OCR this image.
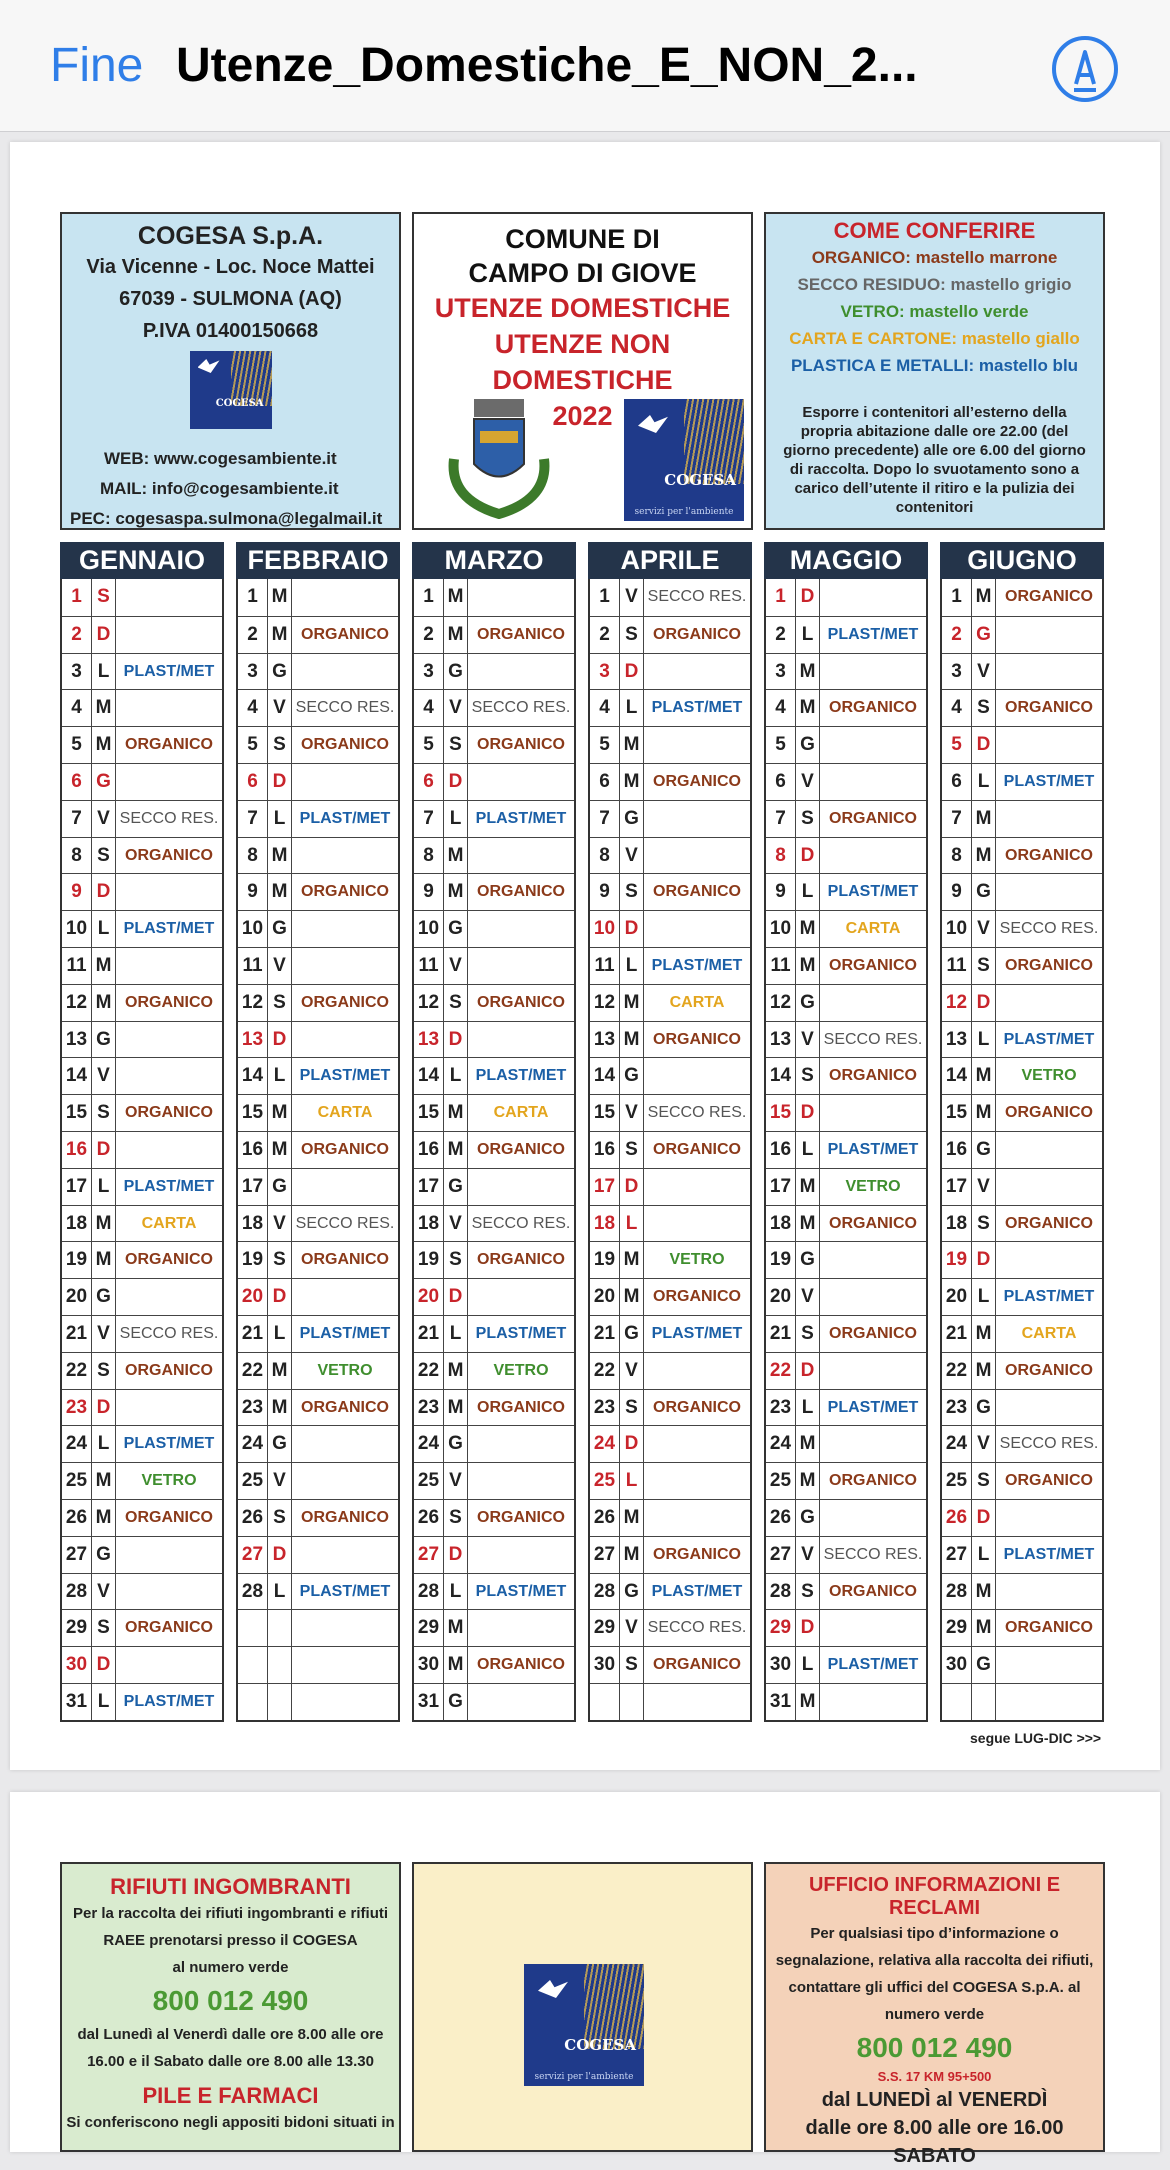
Fine Utenze_Domestiche_E_NON_2...
COGESA S.p.A.
Via Vicenne - Loc. Noce Mattei
67039 - SULMONA (AQ)
P.IVA 01400150668
COGESA
WEB: www.cogesambiente.it
MAIL: info@cogesambiente.it
PEC: cogesaspa.sulmona@legalmail.it
COMUNE DI
CAMPO DI GIOVE
UTENZE DOMESTICHE
UTENZE NON DOMESTICHE
2022
COGESA
servizi per l'ambiente
COME CONFERIRE
ORGANICO: mastello marrone
SECCO RESIDUO: mastello grigio
VETRO: mastello verde
CARTA E CARTONE: mastello giallo
PLASTICA E METALLI: mastello blu
Esporre i contenitori all’esterno della propria abitazione dalle ore 22.00 (del giorno precedente) alle ore 6.00 del giorno di raccolta. Dopo lo svuotamento sono a carico dell’utente il ritiro e la pulizia dei contenitori
GENNAIO
1 S
2 D
3 L PLAST/MET
4 M
5 M ORGANICO
6 G
7 V SECCO RES.
8 S ORGANICO
9 D
10 L PLAST/MET
11 M
12 M ORGANICO
13 G
14 V
15 S ORGANICO
16 D
17 L PLAST/MET
18 M	CARTA
19 M ORGANICO
20 G
21 V SECCO RES.
22 S ORGANICO
23 D
24 L PLAST/MET
25 M	VETRO
26 M ORGANICO
27 G
28 V
29 S ORGANICO
30 D
31 L PLAST/MET
FEBBRAIO
1 M
2 M ORGANICO
3 G
4 V SECCO RES.
5 S ORGANICO
6 D
7 L PLAST/MET
8 M
9 M ORGANICO
10 G
11 V
12 S ORGANICO
13 D
14 L PLAST/MET
15 M	CARTA
16 M ORGANICO
17 G
18 V SECCO RES.
19 S ORGANICO
20 D
21 L PLAST/MET
22 M	VETRO
23 M ORGANICO
24 G
25 V
26 S ORGANICO
27 D
28 L PLAST/MET
MARZO
1 M
2 M ORGANICO
3 G
4 V SECCO RES.
5 S ORGANICO
6 D
7 L PLAST/MET
8 M
9 M ORGANICO
10 G
11 V
12 S ORGANICO
13 D
14 L PLAST/MET
15 M	CARTA
16 M ORGANICO
17 G
18 V SECCO RES.
19 S ORGANICO
20 D
21 L PLAST/MET
22 M	VETRO
23 M ORGANICO
24 G
25 V
26 S ORGANICO
27 D
28 L PLAST/MET
29 M
30 M ORGANICO
31 G
APRILE
1 V SECCO RES.
2 S ORGANICO
3 D
4 L PLAST/MET
5 M
6 M ORGANICO
7 G
8 V
9 S ORGANICO
10 D
11 L PLAST/MET
12 M	CARTA
13 M ORGANICO
14 G
15 V SECCO RES.
16 S ORGANICO
17 D
18 L
19 M	VETRO
20 M ORGANICO
21 G PLAST/MET
22 V
23 S ORGANICO
24 D
25 L
26 M
27 M ORGANICO
28 G PLAST/MET
29 V SECCO RES.
30 S ORGANICO
MAGGIO
1 D
2 L PLAST/MET
3 M
4 M ORGANICO
5 G
6 V
7 S ORGANICO
8 D
9 L PLAST/MET
10 M	CARTA
11 M ORGANICO
12 G
13 V SECCO RES.
14 S ORGANICO
15 D
16 L PLAST/MET
17 M	VETRO
18 M ORGANICO
19 G
20 V
21 S ORGANICO
22 D
23 L PLAST/MET
24 M
25 M ORGANICO
26 G
27 V SECCO RES.
28 S ORGANICO
29 D
30 L PLAST/MET
31 M
GIUGNO
1 M ORGANICO
2 G
3 V
4 S ORGANICO
5 D
6 L PLAST/MET
7 M
8 M ORGANICO
9 G
10 V SECCO RES.
11 S ORGANICO
12 D
13 L PLAST/MET
14 M	VETRO
15 M ORGANICO
16 G
17 V
18 S ORGANICO
19 D
20 L PLAST/MET
21 M	CARTA
22 M ORGANICO
23 G
24 V SECCO RES.
25 S ORGANICO
26 D
27 L PLAST/MET
28 M
29 M ORGANICO
30 G
segue LUG-DIC >>>
RIFIUTI INGOMBRANTI
Per la raccolta dei rifiuti ingombranti e rifiuti
RAEE prenotarsi presso il COGESA
al numero verde
800 012 490
dal Lunedì al Venerdì dalle ore 8.00 alle ore
16.00 e il Sabato dalle ore 8.00 alle 13.30
PILE E FARMACI
Si conferiscono negli appositi bidoni situati in
COGESA
servizi per l'ambiente
UFFICIO INFORMAZIONI E RECLAMI
Per qualsiasi tipo d’informazione o
segnalazione, relativa alla raccolta dei rifiuti,
contattare gli uffici del COGESA S.p.A. al
numero verde
800 012 490
S.S. 17 KM 95+500
dal LUNEDÌ al VENERDÌ
dalle ore 8.00 alle ore 16.00
SABATO
